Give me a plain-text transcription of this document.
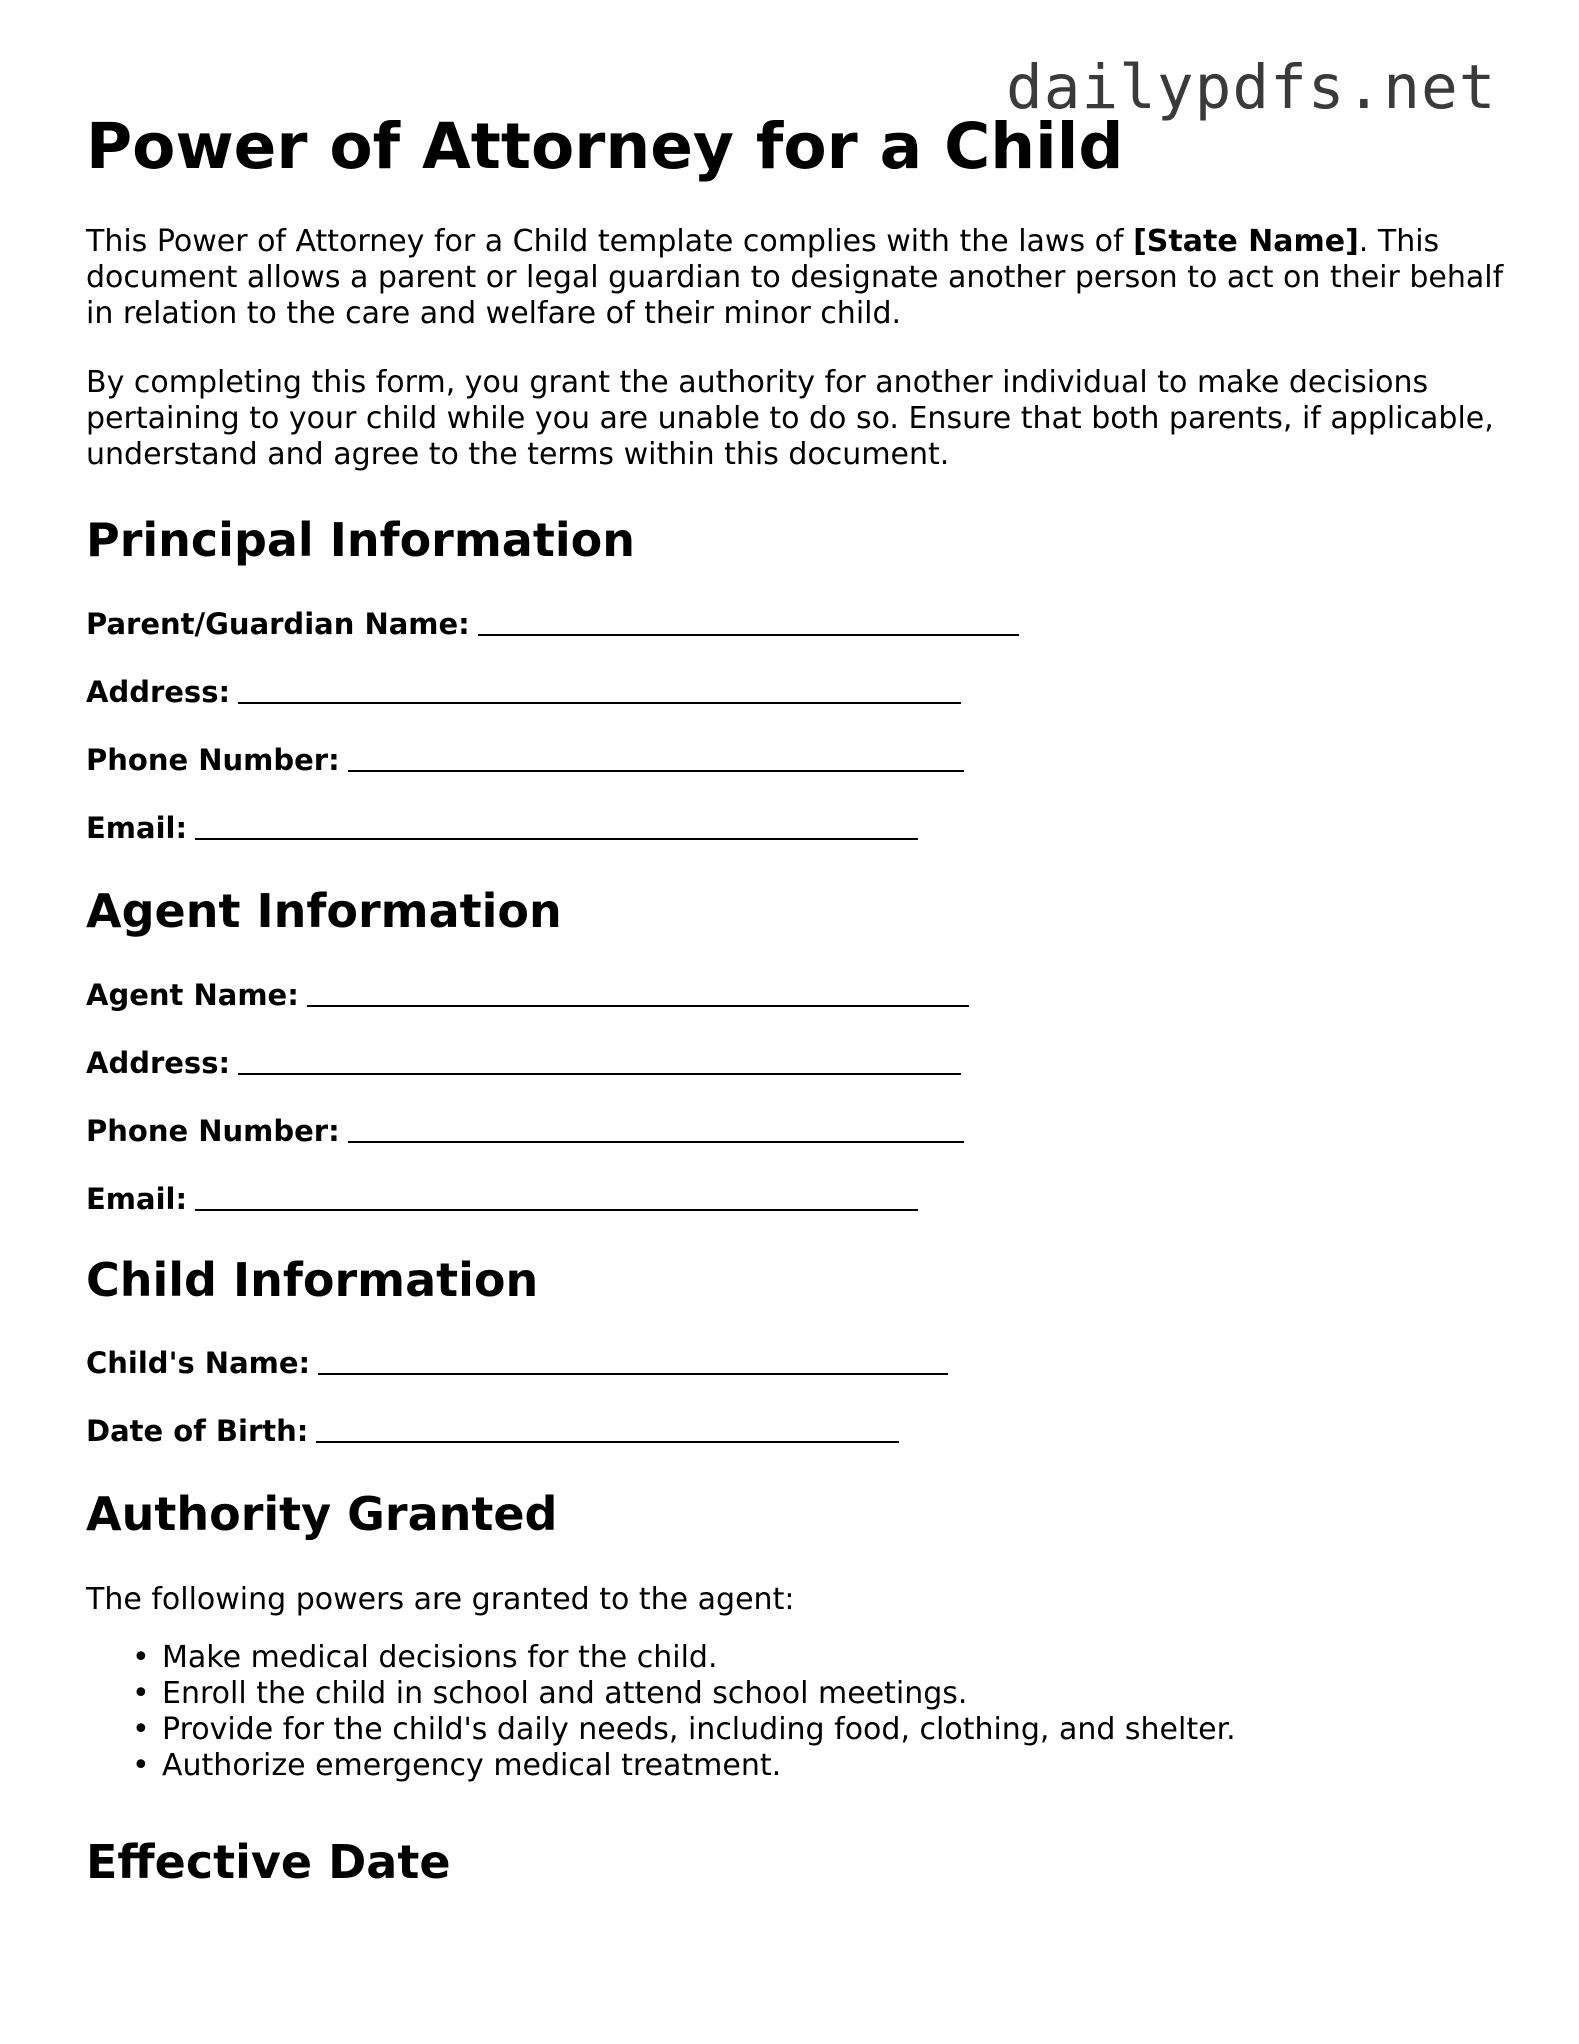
dailypdfs.net
Power of Attorney for a Child

This Power of Attorney for a Child template complies with the laws of [State Name]. This document allows a parent or legal guardian to designate another person to act on their behalf in relation to the care and welfare of their minor child.

By completing this form, you grant the authority for another individual to make decisions pertaining to your child while you are unable to do so. Ensure that both parents, if applicable, understand and agree to the terms within this document.

Principal Information

Parent/Guardian Name:

Address:

Phone Number:

Email:

Agent Information

Agent Name:

Address:

Phone Number:

Email:

Child Information

Child's Name:

Date of Birth:

Authority Granted

The following powers are granted to the agent:

• Make medical decisions for the child.
• Enroll the child in school and attend school meetings.
• Provide for the child's daily needs, including food, clothing, and shelter.
• Authorize emergency medical treatment.
Effective Date
